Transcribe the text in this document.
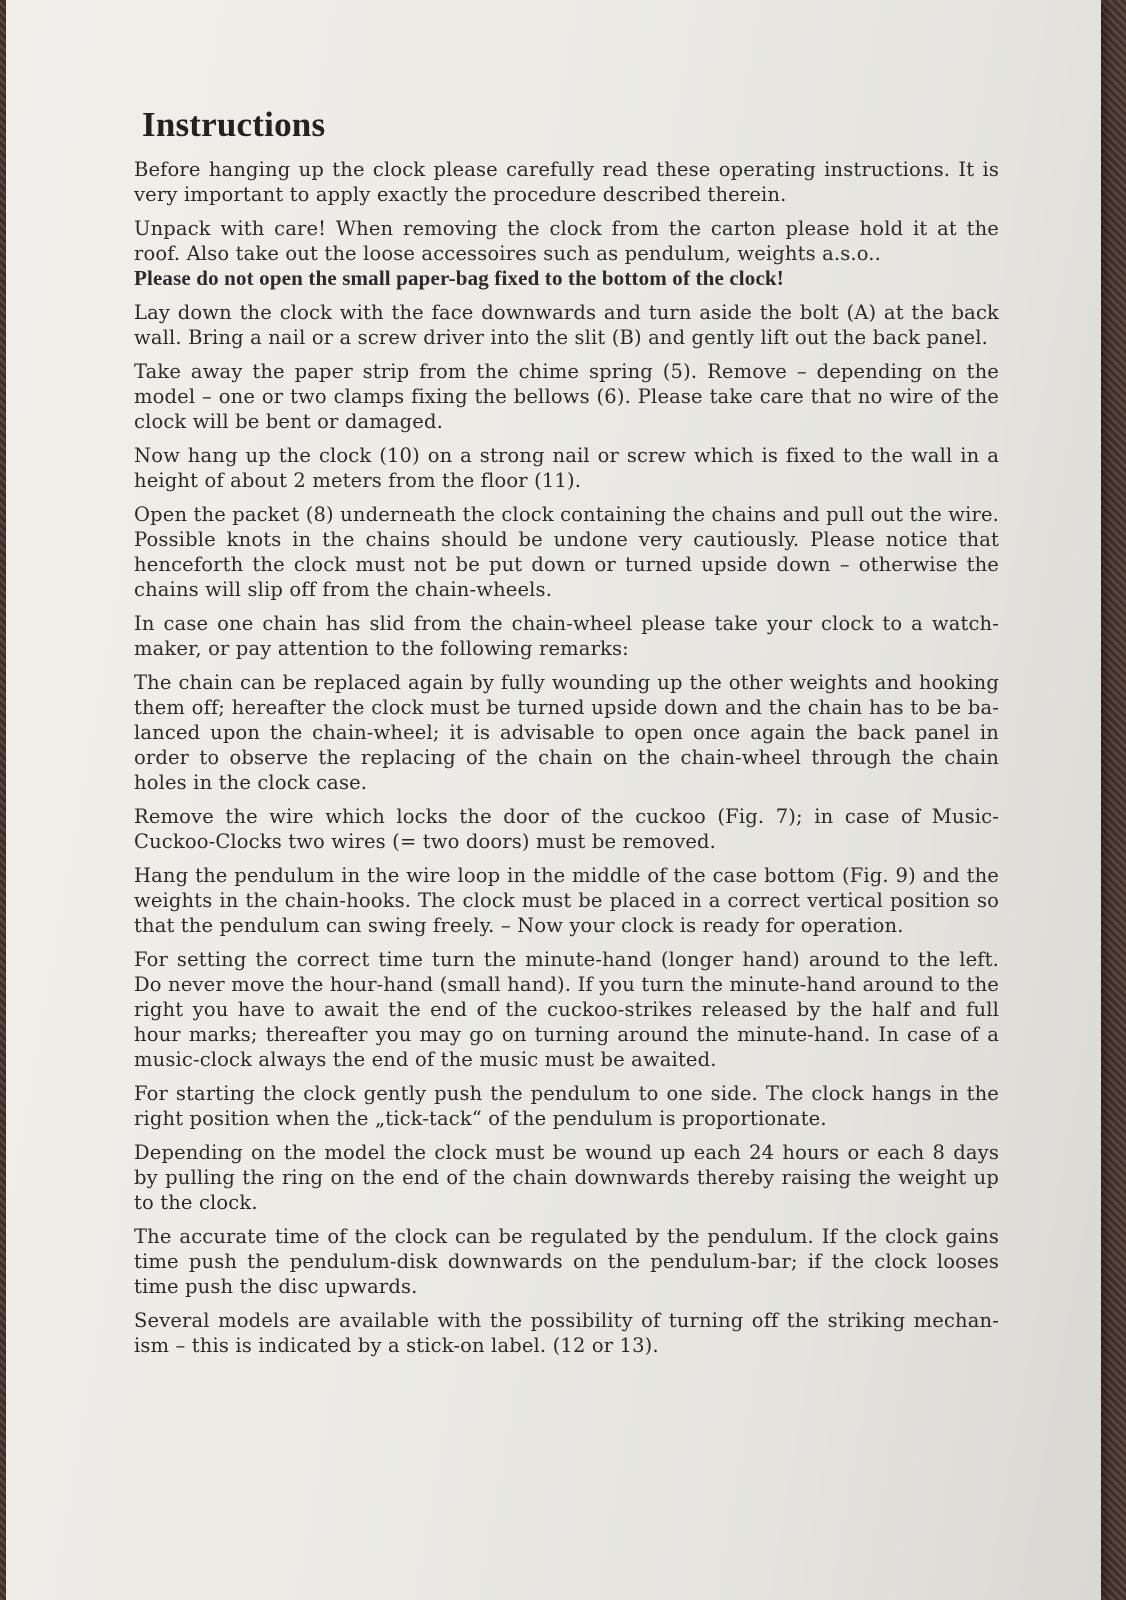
Instructions

Before hanging up the clock please carefully read these operating instructions. It is very important to apply exactly the procedure described therein.

Unpack with care! When removing the clock from the carton please hold it at the roof. Also take out the loose accessoires such as pendulum, weights a.s.o..
Please do not open the small paper-bag fixed to the bottom of the clock!

Lay down the clock with the face downwards and turn aside the bolt (A) at the back wall. Bring a nail or a screw driver into the slit (B) and gently lift out the back panel.

Take away the paper strip from the chime spring (5). Remove – depending on the model – one or two clamps fixing the bellows (6). Please take care that no wire of the clock will be bent or damaged.

Now hang up the clock (10) on a strong nail or screw which is fixed to the wall in a height of about 2 meters from the floor (11).

Open the packet (8) underneath the clock containing the chains and pull out the wire. Possible knots in the chains should be undone very cautiously. Please notice that henceforth the clock must not be put down or turned upside down – otherwise the chains will slip off from the chain-wheels.

In case one chain has slid from the chain-wheel please take your clock to a watch-maker, or pay attention to the following remarks:

The chain can be replaced again by fully wounding up the other weights and hooking them off; hereafter the clock must be turned upside down and the chain has to be ba-lanced upon the chain-wheel; it is advisable to open once again the back panel in order to observe the replacing of the chain on the chain-wheel through the chain holes in the clock case.

Remove the wire which locks the door of the cuckoo (Fig. 7); in case of Music-Cuckoo-Clocks two wires (= two doors) must be removed.

Hang the pendulum in the wire loop in the middle of the case bottom (Fig. 9) and the weights in the chain-hooks. The clock must be placed in a correct vertical position so that the pendulum can swing freely. – Now your clock is ready for operation.

For setting the correct time turn the minute-hand (longer hand) around to the left. Do never move the hour-hand (small hand). If you turn the minute-hand around to the right you have to await the end of the cuckoo-strikes released by the half and full hour marks; thereafter you may go on turning around the minute-hand. In case of a music-clock always the end of the music must be awaited.

For starting the clock gently push the pendulum to one side. The clock hangs in the right position when the „tick-tack“ of the pendulum is proportionate.

Depending on the model the clock must be wound up each 24 hours or each 8 days by pulling the ring on the end of the chain downwards thereby raising the weight up to the clock.

The accurate time of the clock can be regulated by the pendulum. If the clock gains time push the pendulum-disk downwards on the pendulum-bar; if the clock looses time push the disc upwards.

Several models are available with the possibility of turning off the striking mechan-ism – this is indicated by a stick-on label. (12 or 13).
